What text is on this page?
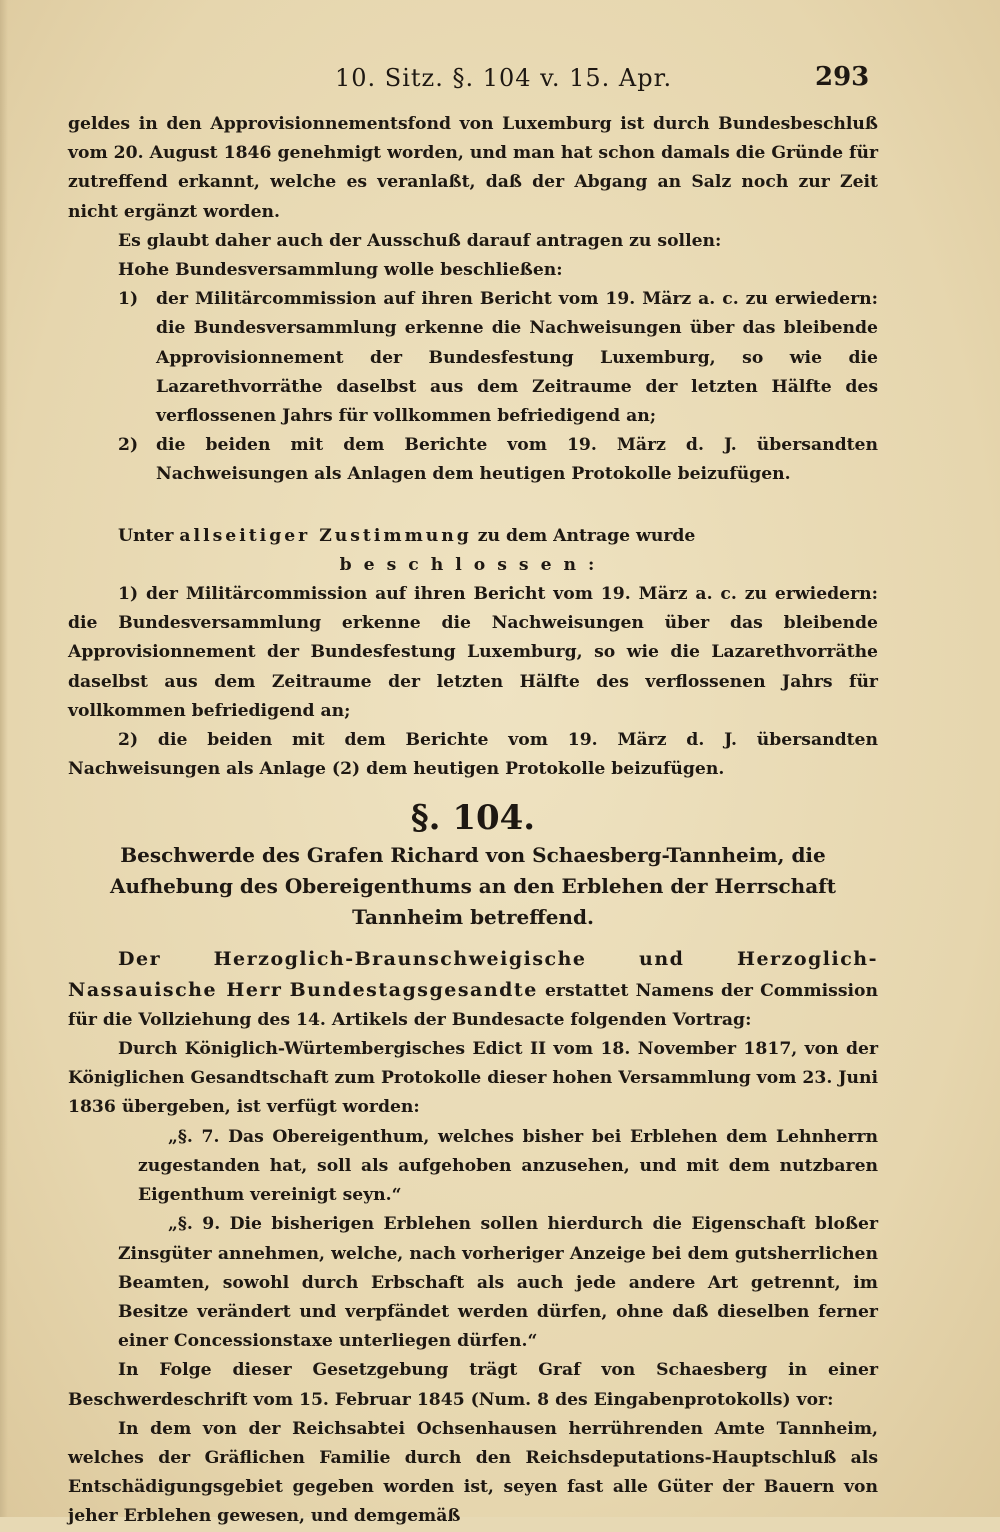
10. Sitz. §. 104 v. 15. Apr.	293

geldes in den Approvisionnementsfond von Luxemburg ist durch Bundesbeschluß vom 20. August 1846 genehmigt worden, und man hat schon damals die Gründe für zutreffend erkannt, welche es veranlaßt, daß der Abgang an Salz noch zur Zeit nicht ergänzt worden.

Es glaubt daher auch der Ausschuß darauf antragen zu sollen:

Hohe Bundesversammlung wolle beschließen:

1)	der Militärcommission auf ihren Bericht vom 19. März a. c. zu erwiedern: die Bundesversammlung erkenne die Nachweisungen über das bleibende Approvisionnement der Bundesfestung Luxemburg, so wie die Lazarethvorräthe daselbst aus dem Zeitraume der letzten Hälfte des verflossenen Jahrs für vollkommen befriedigend an;
2)	die beiden mit dem Berichte vom 19. März d. J. übersandten Nachweisungen als Anlagen dem heutigen Protokolle beizufügen.

Unter allseitiger Zustimmung zu dem Antrage wurde

beschlossen:

1) der Militärcommission auf ihren Bericht vom 19. März a. c. zu erwiedern: die Bundesversammlung erkenne die Nachweisungen über das bleibende Approvisionnement der Bundesfestung Luxemburg, so wie die Lazarethvorräthe daselbst aus dem Zeitraume der letzten Hälfte des verflossenen Jahrs für vollkommen befriedigend an;

2) die beiden mit dem Berichte vom 19. März d. J. übersandten Nachweisungen als Anlage (2) dem heutigen Protokolle beizufügen.

§. 104.

Beschwerde des Grafen Richard von Schaesberg-Tannheim, die Aufhebung des Obereigenthums an den Erblehen der Herrschaft Tannheim betreffend.

Der Herzoglich-Braunschweigische und Herzoglich-Nassauische Herr Bundestagsgesandte erstattet Namens der Commission für die Vollziehung des 14. Artikels der Bundesacte folgenden Vortrag:

Durch Königlich-Würtembergisches Edict II vom 18. November 1817, von der Königlichen Gesandtschaft zum Protokolle dieser hohen Versammlung vom 23. Juni 1836 übergeben, ist verfügt worden:

„§. 7. Das Obereigenthum, welches bisher bei Erblehen dem Lehnherrn zugestanden hat, soll als aufgehoben anzusehen, und mit dem nutzbaren Eigenthum vereinigt seyn.“

„§. 9. Die bisherigen Erblehen sollen hierdurch die Eigenschaft bloßer Zinsgüter annehmen, welche, nach vorheriger Anzeige bei dem gutsherrlichen Beamten, sowohl durch Erbschaft als auch jede andere Art getrennt, im Besitze verändert und verpfändet werden dürfen, ohne daß dieselben ferner einer Concessionstaxe unterliegen dürfen.“

In Folge dieser Gesetzgebung trägt Graf von Schaesberg in einer Beschwerdeschrift vom 15. Februar 1845 (Num. 8 des Eingabenprotokolls) vor:

In dem von der Reichsabtei Ochsenhausen herrührenden Amte Tannheim, welches der Gräflichen Familie durch den Reichsdeputations-Hauptschluß als Entschädigungsgebiet gegeben worden ist, seyen fast alle Güter der Bauern von jeher Erblehen gewesen, und demgemäß
